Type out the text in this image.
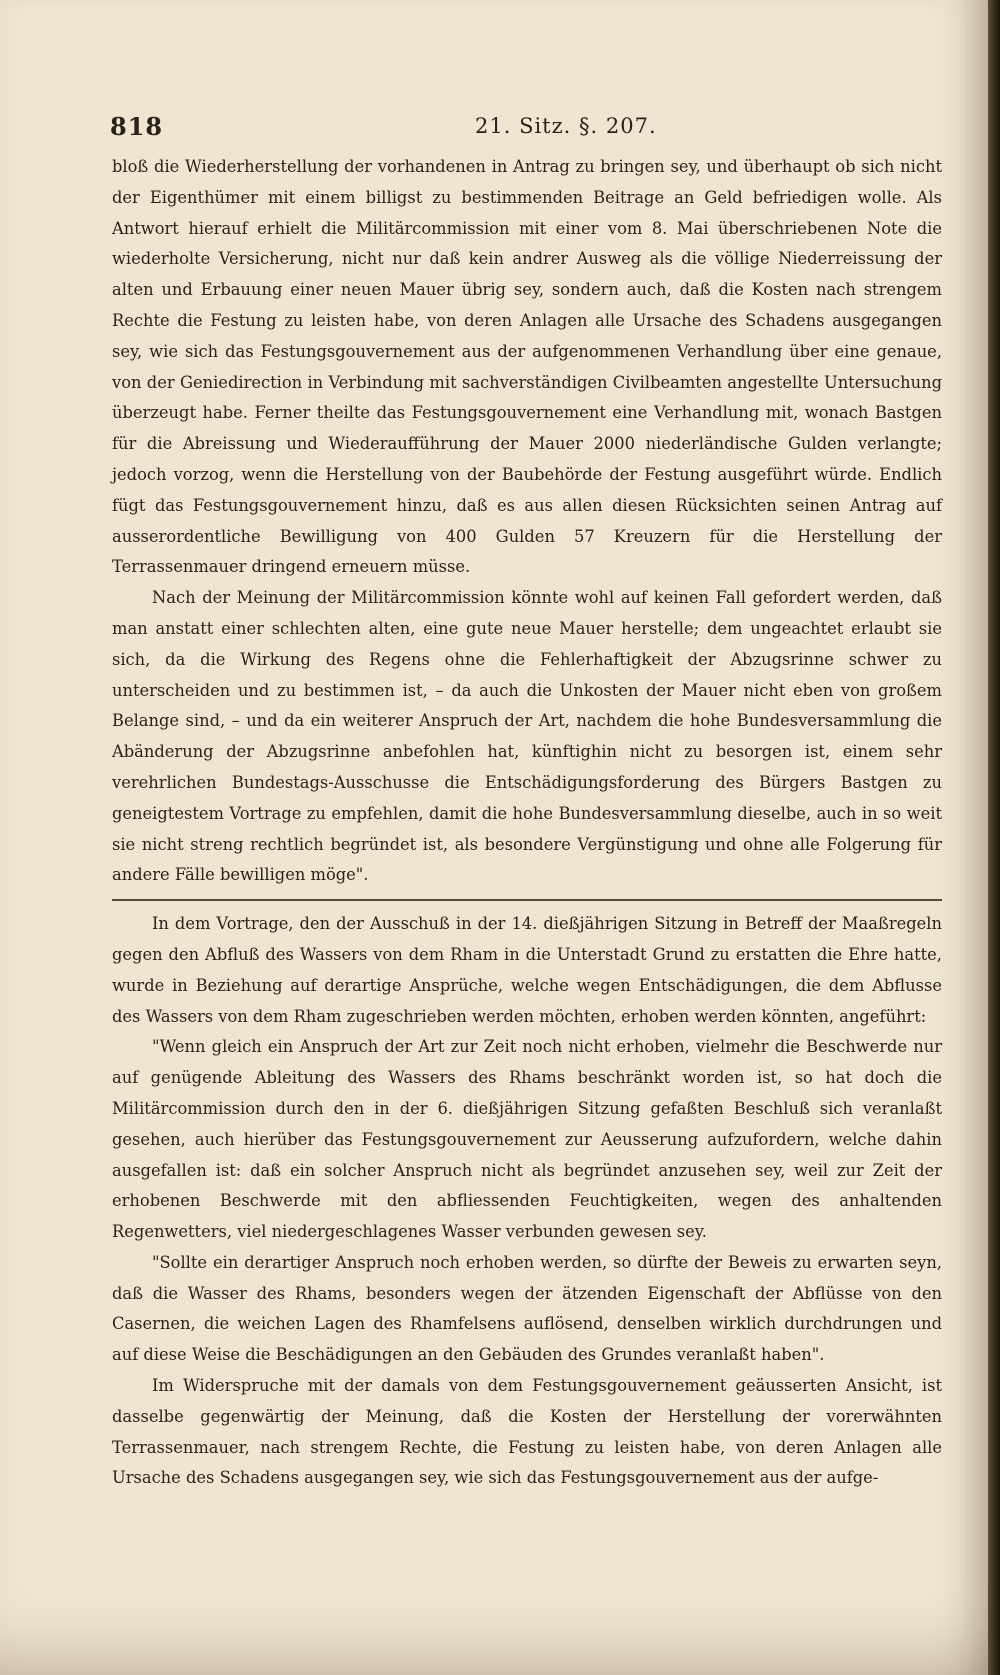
818	21. Sitz. §. 207.

bloß die Wiederherstellung der vorhandenen in Antrag zu bringen sey, und überhaupt ob sich nicht der Eigenthümer mit einem billigst zu bestimmenden Beitrage an Geld befriedigen wolle. Als Antwort hierauf erhielt die Militärcommission mit einer vom 8. Mai überschriebenen Note die wiederholte Versicherung, nicht nur daß kein andrer Ausweg als die völlige Niederreissung der alten und Erbauung einer neuen Mauer übrig sey, sondern auch, daß die Kosten nach strengem Rechte die Festung zu leisten habe, von deren Anlagen alle Ursache des Schadens ausgegangen sey, wie sich das Festungsgouvernement aus der aufgenommenen Verhandlung über eine genaue, von der Geniedirection in Verbindung mit sachverständigen Civilbeamten angestellte Untersuchung überzeugt habe. Ferner theilte das Festungsgouvernement eine Verhandlung mit, wonach Bastgen für die Abreissung und Wiederaufführung der Mauer 2000 niederländische Gulden verlangte; jedoch vorzog, wenn die Herstellung von der Baubehörde der Festung ausgeführt würde. Endlich fügt das Festungsgouvernement hinzu, daß es aus allen diesen Rücksichten seinen Antrag auf ausserordentliche Bewilligung von 400 Gulden 57 Kreuzern für die Herstellung der Terrassenmauer dringend erneuern müsse.

Nach der Meinung der Militärcommission könnte wohl auf keinen Fall gefordert werden, daß man anstatt einer schlechten alten, eine gute neue Mauer herstelle; dem ungeachtet erlaubt sie sich, da die Wirkung des Regens ohne die Fehlerhaftigkeit der Abzugsrinne schwer zu unterscheiden und zu bestimmen ist, – da auch die Unkosten der Mauer nicht eben von großem Belange sind, – und da ein weiterer Anspruch der Art, nachdem die hohe Bundesversammlung die Abänderung der Abzugsrinne anbefohlen hat, künftighin nicht zu besorgen ist, einem sehr verehrlichen Bundestags-Ausschusse die Entschädigungsforderung des Bürgers Bastgen zu geneigtestem Vortrage zu empfehlen, damit die hohe Bundesversammlung dieselbe, auch in so weit sie nicht streng rechtlich begründet ist, als besondere Vergünstigung und ohne alle Folgerung für andere Fälle bewilligen möge".

In dem Vortrage, den der Ausschuß in der 14. dießjährigen Sitzung in Betreff der Maaßregeln gegen den Abfluß des Wassers von dem Rham in die Unterstadt Grund zu erstatten die Ehre hatte, wurde in Beziehung auf derartige Ansprüche, welche wegen Entschädigungen, die dem Abflusse des Wassers von dem Rham zugeschrieben werden möchten, erhoben werden könnten, angeführt:

"Wenn gleich ein Anspruch der Art zur Zeit noch nicht erhoben, vielmehr die Beschwerde nur auf genügende Ableitung des Wassers des Rhams beschränkt worden ist, so hat doch die Militärcommission durch den in der 6. dießjährigen Sitzung gefaßten Beschluß sich veranlaßt gesehen, auch hierüber das Festungsgouvernement zur Aeusserung aufzufordern, welche dahin ausgefallen ist: daß ein solcher Anspruch nicht als begründet anzusehen sey, weil zur Zeit der erhobenen Beschwerde mit den abfliessenden Feuchtigkeiten, wegen des anhaltenden Regenwetters, viel niedergeschlagenes Wasser verbunden gewesen sey.

"Sollte ein derartiger Anspruch noch erhoben werden, so dürfte der Beweis zu erwarten seyn, daß die Wasser des Rhams, besonders wegen der ätzenden Eigenschaft der Abflüsse von den Casernen, die weichen Lagen des Rhamfelsens auflösend, denselben wirklich durchdrungen und auf diese Weise die Beschädigungen an den Gebäuden des Grundes veranlaßt haben".

Im Widerspruche mit der damals von dem Festungsgouvernement geäusserten Ansicht, ist dasselbe gegenwärtig der Meinung, daß die Kosten der Herstellung der vorerwähnten Terrassenmauer, nach strengem Rechte, die Festung zu leisten habe, von deren Anlagen alle Ursache des Schadens ausgegangen sey, wie sich das Festungsgouvernement aus der aufge-
